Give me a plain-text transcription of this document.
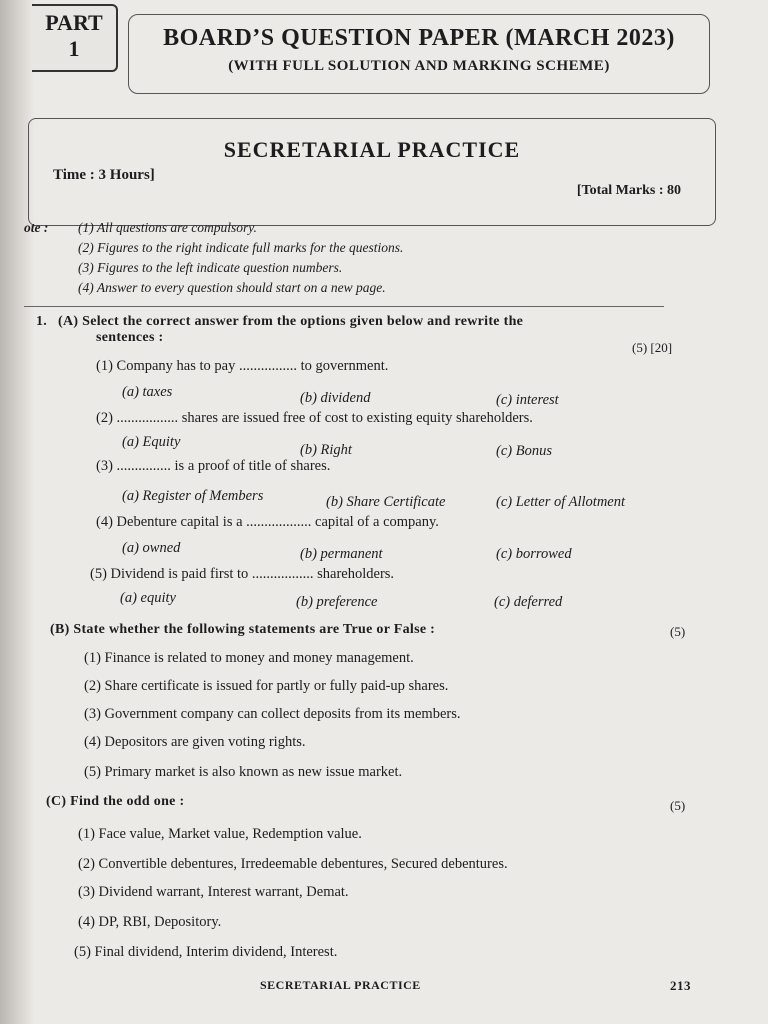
PART
1	BOARD’S QUESTION PAPER (MARCH 2023)
(WITH FULL SOLUTION AND MARKING SCHEME)
SECRETARIAL PRACTICE
Time : 3 Hours]
[Total Marks : 80
ote : (1) All questions are compulsory.
(2) Figures to the right indicate full marks for the questions.
(3) Figures to the left indicate question numbers.
(4) Answer to every question should start on a new page.
1. (A) Select the correct answer from the options given below and rewrite the
sentences :
(5) [20]
(1) Company has to pay ................ to government.
(a) taxes	(b) dividend	(c) interest
(2) ................. shares are issued free of cost to existing equity shareholders.
(a) Equity	(b) Right	(c) Bonus
(3) ............... is a proof of title of shares.
(a) Register of Members	(b) Share Certificate	(c) Letter of Allotment
(4) Debenture capital is a .................. capital of a company.
(a) owned	(b) permanent	(c) borrowed
(5) Dividend is paid first to ................. shareholders.
(a) equity	(b) preference	(c) deferred
(B) State whether the following statements are True or False :	(5)
(1) Finance is related to money and money management.
(2) Share certificate is issued for partly or fully paid-up shares.
(3) Government company can collect deposits from its members.
(4) Depositors are given voting rights.
(5) Primary market is also known as new issue market.
(C) Find the odd one :	(5)
(1) Face value, Market value, Redemption value.
(2) Convertible debentures, Irredeemable debentures, Secured debentures.
(3) Dividend warrant, Interest warrant, Demat.
(4) DP, RBI, Depository.
(5) Final dividend, Interim dividend, Interest.
SECRETARIAL PRACTICE	213
